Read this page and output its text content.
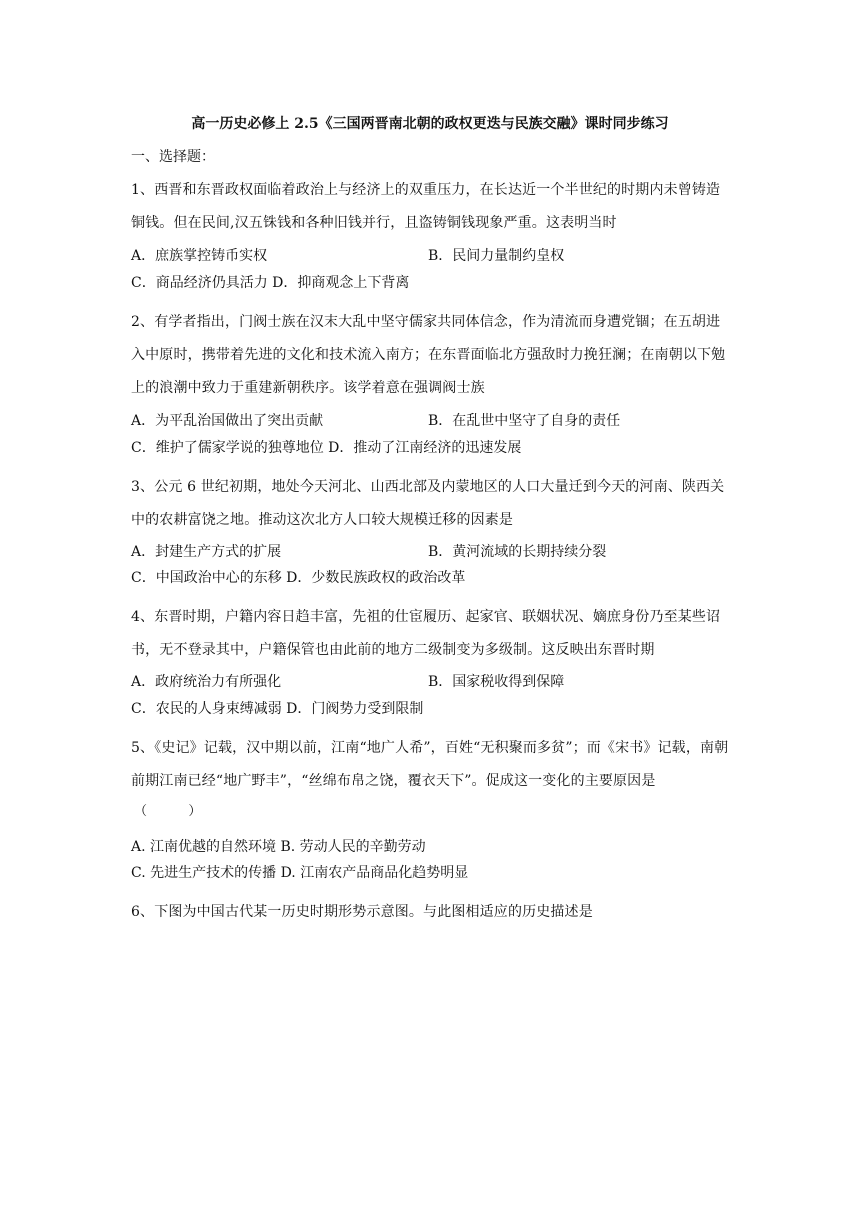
高一历史必修上 2.5《三国两晋南北朝的政权更迭与民族交融》课时同步练习
一、选择题：
1、西晋和东晋政权面临着政治上与经济上的双重压力，在长达近一个半世纪的时期内未曾铸造铜钱。但在民间,汉五铢钱和各种旧钱并行，且盗铸铜钱现象严重。这表明当时
A．庶族掌控铸币实权	B．民间力量制约皇权
C．商品经济仍具活力 D．抑商观念上下背离
2、有学者指出，门阀士族在汉末大乱中坚守儒家共同体信念，作为清流而身遭党锢；在五胡进入中原时，携带着先进的文化和技术流入南方；在东晋面临北方强敌时力挽狂澜；在南朝以下勉上的浪潮中致力于重建新朝秩序。该学着意在强调阀士族
A．为平乱治国做出了突出贡献	B．在乱世中坚守了自身的责任
C．维护了儒家学说的独尊地位 D．推动了江南经济的迅速发展
3、公元 6 世纪初期，地处今天河北、山西北部及内蒙地区的人口大量迁到今天的河南、陕西关中的农耕富饶之地。推动这次北方人口较大规模迁移的因素是
A．封建生产方式的扩展	B．黄河流域的长期持续分裂
C．中国政治中心的东移 D．少数民族政权的政治改革
4、东晋时期，户籍内容日趋丰富，先祖的仕宦履历、起家官、联姻状况、嫡庶身份乃至某些诏书，无不登录其中，户籍保管也由此前的地方二级制变为多级制。这反映出东晋时期
A．政府统治力有所强化	B．国家税收得到保障
C．农民的人身束缚减弱 D．门阀势力受到限制
5、《史记》记载，汉中期以前，江南“地广人希”，百姓“无积聚而多贫”；而《宋书》记载，南朝前期江南已经“地广野丰”，“丝绵布帛之饶，覆衣天下”。促成这一变化的主要原因是
（          ）
A. 江南优越的自然环境 B. 劳动人民的辛勤劳动
C. 先进生产技术的传播 D. 江南农产品商品化趋势明显
6、下图为中国古代某一历史时期形势示意图。与此图相适应的历史描述是
